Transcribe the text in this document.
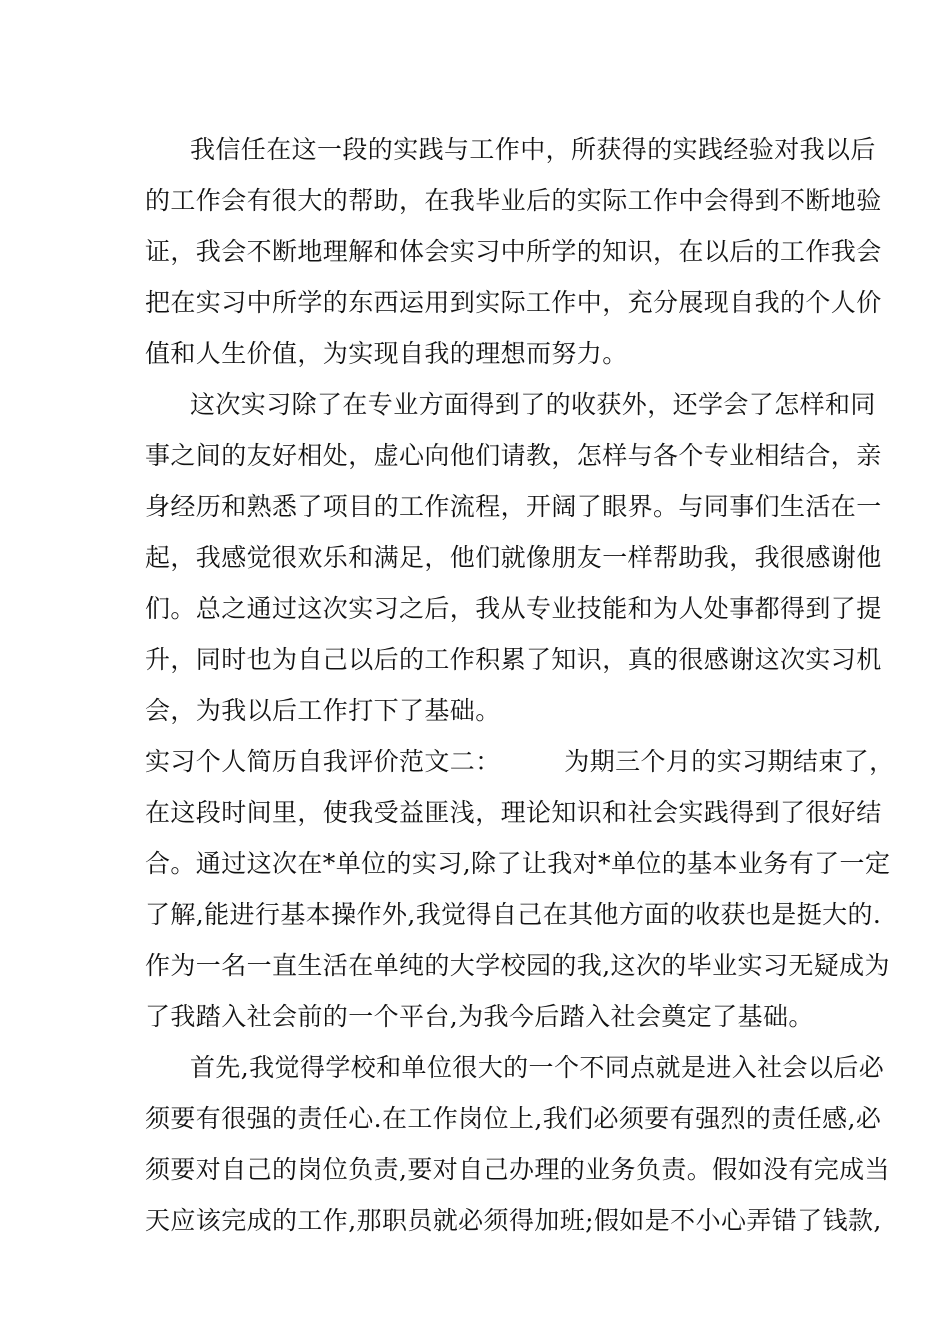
我信任在这一段的实践与工作中，所获得的实践经验对我以后

的工作会有很大的帮助，在我毕业后的实际工作中会得到不断地验

证，我会不断地理解和体会实习中所学的知识，在以后的工作我会

把在实习中所学的东西运用到实际工作中，充分展现自我的个人价

值和人生价值，为实现自我的理想而努力。

这次实习除了在专业方面得到了的收获外，还学会了怎样和同

事之间的友好相处，虚心向他们请教，怎样与各个专业相结合，亲

身经历和熟悉了项目的工作流程，开阔了眼界。与同事们生活在一

起，我感觉很欢乐和满足，他们就像朋友一样帮助我，我很感谢他

们。总之通过这次实习之后，我从专业技能和为人处事都得到了提

升，同时也为自己以后的工作积累了知识，真的很感谢这次实习机

会，为我以后工作打下了基础。

实习个人简历自我评价范文二：　　　为期三个月的实习期结束了，

在这段时间里，使我受益匪浅，理论知识和社会实践得到了很好结

合。通过这次在*单位的实习,除了让我对*单位的基本业务有了一定

了解,能进行基本操作外,我觉得自己在其他方面的收获也是挺大的.

作为一名一直生活在单纯的大学校园的我,这次的毕业实习无疑成为

了我踏入社会前的一个平台,为我今后踏入社会奠定了基础。

首先,我觉得学校和单位很大的一个不同点就是进入社会以后必

须要有很强的责任心.在工作岗位上,我们必须要有强烈的责任感,必

须要对自己的岗位负责,要对自己办理的业务负责。假如没有完成当

天应该完成的工作,那职员就必须得加班;假如是不小心弄错了钱款,
